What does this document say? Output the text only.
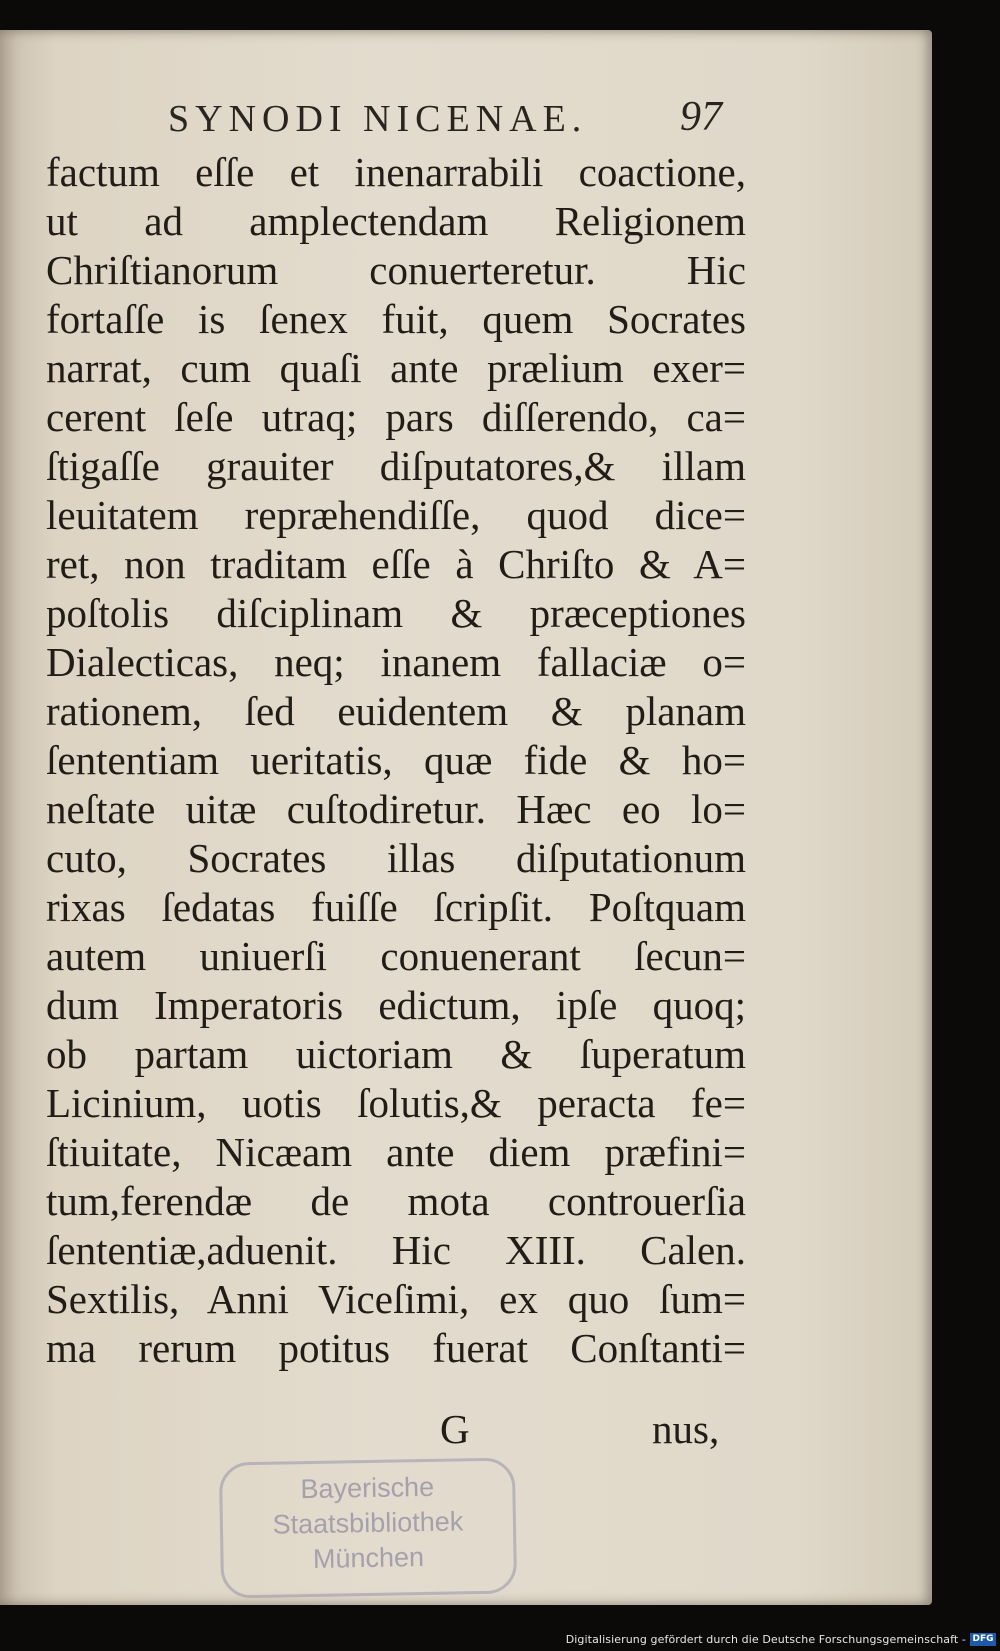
SYNODI NICENAE. 97
factum eſſe et inenarrabili coactione,
ut ad amplectendam Religionem
Chriſtianorum conuerteretur. Hic
fortaſſe is ſenex fuit, quem Socrates
narrat, cum quaſi ante prælium exer=
cerent ſeſe utraq; pars diſſerendo, ca=
ſtigaſſe grauiter diſputatores,& illam
leuitatem repræhendiſſe, quod dice=
ret, non traditam eſſe à Chriſto & A=
poſtolis diſciplinam & præceptiones
Dialecticas, neq; inanem fallaciæ o=
rationem, ſed euidentem & planam
ſententiam ueritatis, quæ fide & ho=
neſtate uitæ cuſtodiretur. Hæc eo lo=
cuto, Socrates illas diſputationum
rixas ſedatas fuiſſe ſcripſit. Poſtquam
autem uniuerſi conuenerant ſecun=
dum Imperatoris edictum, ipſe quoq;
ob partam uictoriam & ſuperatum
Licinium, uotis ſolutis,& peracta fe=
ſtiuitate, Nicæam ante diem præfini=
tum,ferendæ de mota controuerſia
ſententiæ,aduenit. Hic XIII. Calen.
Sextilis, Anni Viceſimi, ex quo ſum=
ma rerum potitus fuerat Conſtanti=
G	nus,
Bayerische
Staatsbibliothek
München
Digitalisierung gefördert durch die Deutsche Forschungsgemeinschaft - DFG
